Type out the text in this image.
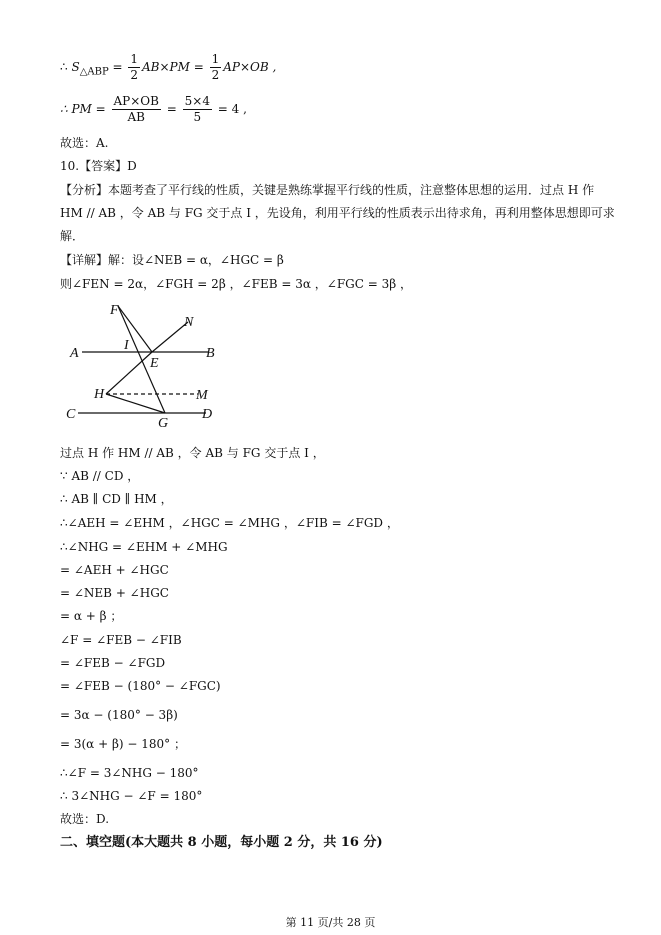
∴ $S_{\triangle ABP} = \frac{1}{2} AB\times PM = \frac{1}{2} AP\times OB$ ,
∴ PM = $\frac{AP\times OB}{AB} = \frac{5\times 4}{5} = 4$ ,
故选：A.
10.【答案】D
【分析】本题考查了平行线的性质，关键是熟练掌握平行线的性质，注意整体思想的运用．过点 H 作
HM // AB ，令 AB 与 FG 交于点 I ，先设角，利用平行线的性质表示出待求角，再利用整体思想即可求
解．
【详解】解：设∠NEB = α，∠HGC = β
则∠FEN = 2α，∠FGH = 2β ，∠FEB = 3α ，∠FGC = 3β ，
F
N
I
A
E
B
H	M
C
G
D
过点 H 作 HM // AB ，令 AB 与 FG 交于点 I ，
∵ AB // CD ，
∴ AB ∥ CD ∥ HM ，
∴∠AEH = ∠EHM ，∠HGC = ∠MHG ，∠FIB = ∠FGD ，
∴∠NHG = ∠EHM + ∠MHG
= ∠AEH + ∠HGC
= ∠NEB + ∠HGC
= α + β ；
∠F = ∠FEB − ∠FIB
= ∠FEB − ∠FGD
= ∠FEB − (180° − ∠FGC)
= 3α − (180° − 3β)
= 3(α + β) − 180° ；
∴∠F = 3∠NHG − 180°
∴ 3∠NHG − ∠F = 180°
故选：D.
二、填空题(本大题共 8 小题，每小题 2 分，共 16 分)
第 11 页/共 28 页
